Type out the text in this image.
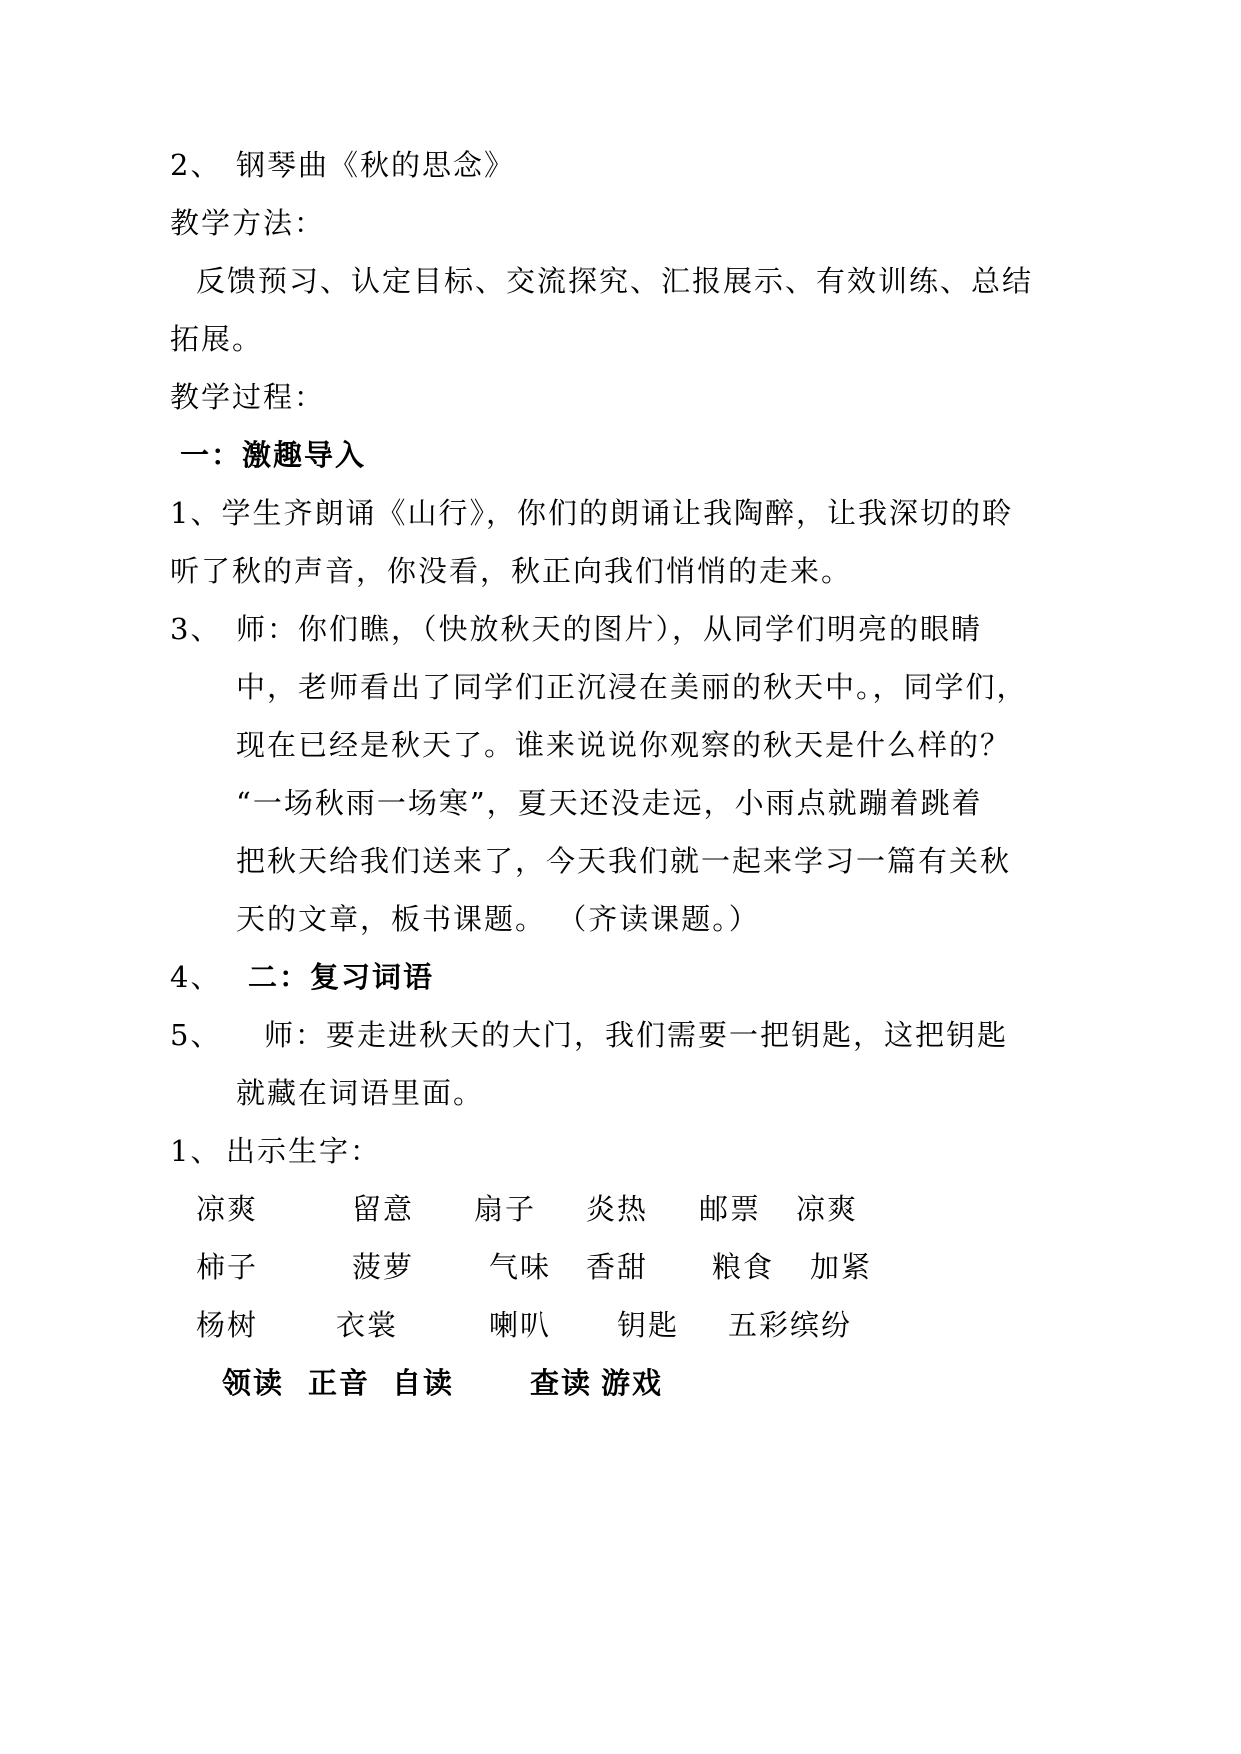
2、 钢琴曲《秋的思念》
教学方法：
反馈预习、认定目标、交流探究、汇报展示、有效训练、总结
拓展。
教学过程：
一：激趣导入
1、学生齐朗诵《山行》，你们的朗诵让我陶醉，让我深切的聆
听了秋的声音，你没看，秋正向我们悄悄的走来。
3、 师：你们瞧，（快放秋天的图片），从同学们明亮的眼睛
中，老师看出了同学们正沉浸在美丽的秋天中。，同学们，
现在已经是秋天了。谁来说说你观察的秋天是什么样的？
“一场秋雨一场寒”，夏天还没走远，小雨点就蹦着跳着
把秋天给我们送来了，今天我们就一起来学习一篇有关秋
天的文章，板书课题。 （齐读课题。）
4、 二：复习词语
5、 师：要走进秋天的大门，我们需要一把钥匙，这把钥匙
就藏在词语里面。
1、 出示生字：
凉爽	留意 扇子 炎热 邮票 凉爽
柿子	菠萝	气味 香甜 粮食 加紧
杨树	衣裳	喇叭 钥匙 五彩缤纷
领读 正音 自读	查读 游戏
